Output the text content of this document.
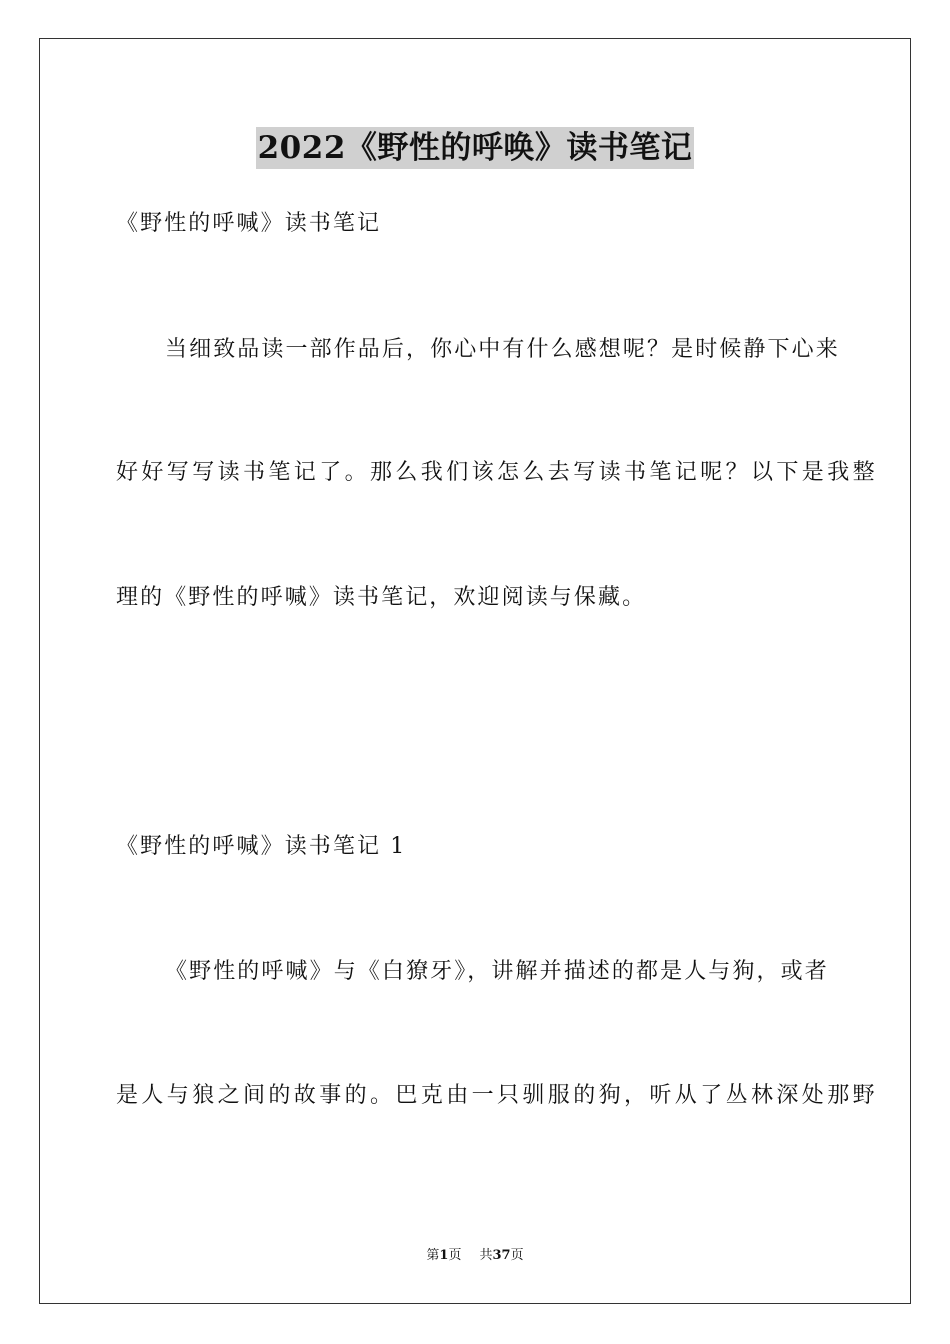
2022《野性的呼唤》读书笔记
《野性的呼喊》读书笔记
当细致品读一部作品后，你心中有什么感想呢？是时候静下心来
好好写写读书笔记了。那么我们该怎么去写读书笔记呢？以下是我整
理的《野性的呼喊》读书笔记，欢迎阅读与保藏。
《野性的呼喊》读书笔记 1
《野性的呼喊》与《白獠牙》，讲解并描述的都是人与狗，或者
是人与狼之间的故事的。巴克由一只驯服的狗，听从了丛林深处那野
第1页 共37页
